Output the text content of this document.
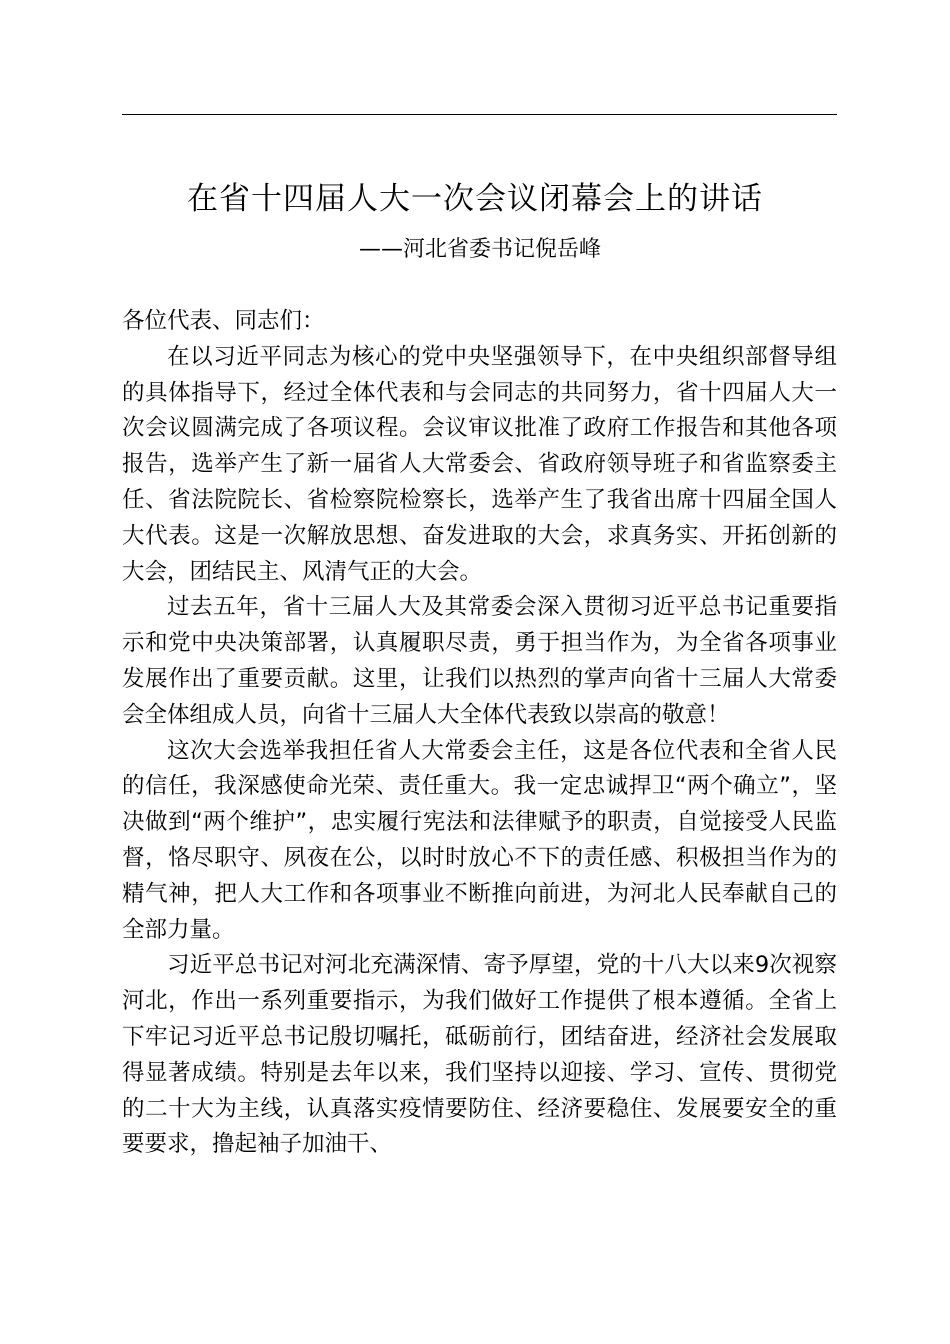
在省十四届人大一次会议闭幕会上的讲话
——河北省委书记倪岳峰

各位代表、同志们：

在以习近平同志为核心的党中央坚强领导下，在中央组织部督导组的具体指导下，经过全体代表和与会同志的共同努力，省十四届人大一次会议圆满完成了各项议程。会议审议批准了政府工作报告和其他各项报告，选举产生了新一届省人大常委会、省政府领导班子和省监察委主任、省法院院长、省检察院检察长，选举产生了我省出席十四届全国人大代表。这是一次解放思想、奋发进取的大会，求真务实、开拓创新的大会，团结民主、风清气正的大会。

过去五年，省十三届人大及其常委会深入贯彻习近平总书记重要指示和党中央决策部署，认真履职尽责，勇于担当作为，为全省各项事业发展作出了重要贡献。这里，让我们以热烈的掌声向省十三届人大常委会全体组成人员，向省十三届人大全体代表致以崇高的敬意！

这次大会选举我担任省人大常委会主任，这是各位代表和全省人民的信任，我深感使命光荣、责任重大。我一定忠诚捍卫“两个确立”，坚决做到“两个维护”，忠实履行宪法和法律赋予的职责，自觉接受人民监督，恪尽职守、夙夜在公，以时时放心不下的责任感、积极担当作为的精气神，把人大工作和各项事业不断推向前进，为河北人民奉献自己的全部力量。

习近平总书记对河北充满深情、寄予厚望，党的十八大以来9次视察河北，作出一系列重要指示，为我们做好工作提供了根本遵循。全省上下牢记习近平总书记殷切嘱托，砥砺前行，团结奋进，经济社会发展取得显著成绩。特别是去年以来，我们坚持以迎接、学习、宣传、贯彻党的二十大为主线，认真落实疫情要防住、经济要稳住、发展要安全的重要要求，撸起袖子加油干、
